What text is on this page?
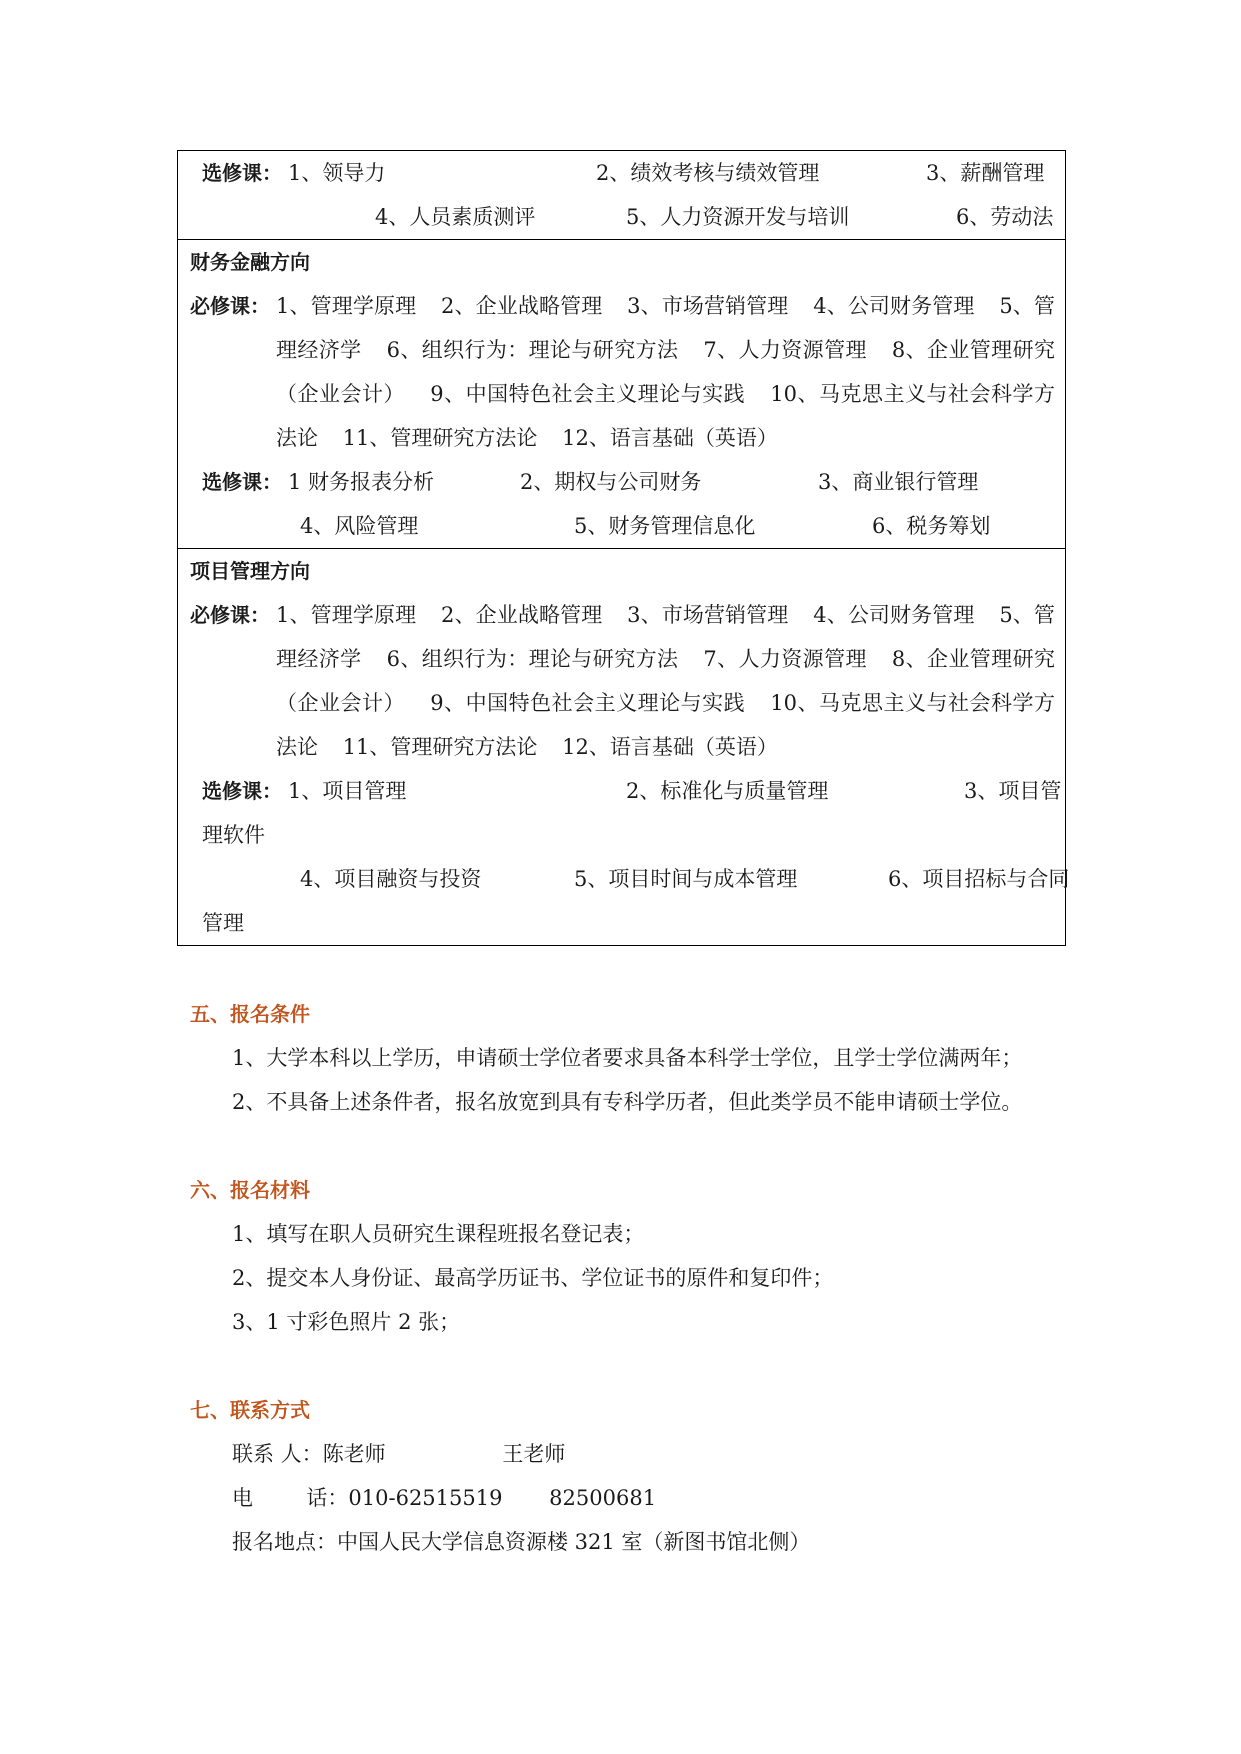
选修课： 1、领导力	2、绩效考核与绩效管理	3、薪酬管理
4、人员素质测评	5、人力资源开发与培训	6、劳动法
财务金融方向
必修课： 1、管理学原理 2、企业战略管理 3、市场营销管理 4、公司财务管理 5、管理经济学 6、组织行为：理论与研究方法 7、人力资源管理 8、企业管理研究（企业会计） 9、中国特色社会主义理论与实践 10、马克思主义与社会科学方法论 11、管理研究方法论 12、语言基础（英语）
选修课： 1 财务报表分析	2、期权与公司财务	3、商业银行管理
4、风险管理	5、财务管理信息化	6、税务筹划
项目管理方向
必修课： 1、管理学原理 2、企业战略管理 3、市场营销管理 4、公司财务管理 5、管理经济学 6、组织行为：理论与研究方法 7、人力资源管理 8、企业管理研究（企业会计） 9、中国特色社会主义理论与实践 10、马克思主义与社会科学方法论 11、管理研究方法论 12、语言基础（英语）
选修课： 1、项目管理	2、标准化与质量管理	3、项目管
理软件
4、项目融资与投资	5、项目时间与成本管理	6、项目招标与合同
管理
五、报名条件
1、大学本科以上学历，申请硕士学位者要求具备本科学士学位，且学士学位满两年；
2、不具备上述条件者，报名放宽到具有专科学历者，但此类学员不能申请硕士学位。
六、报名材料
1、填写在职人员研究生课程班报名登记表；
2、提交本人身份证、最高学历证书、学位证书的原件和复印件；
3、1 寸彩色照片 2 张；
七、联系方式
联系 人：陈老师	王老师
电        话：010-62515519 82500681
报名地点：中国人民大学信息资源楼 321 室（新图书馆北侧）
